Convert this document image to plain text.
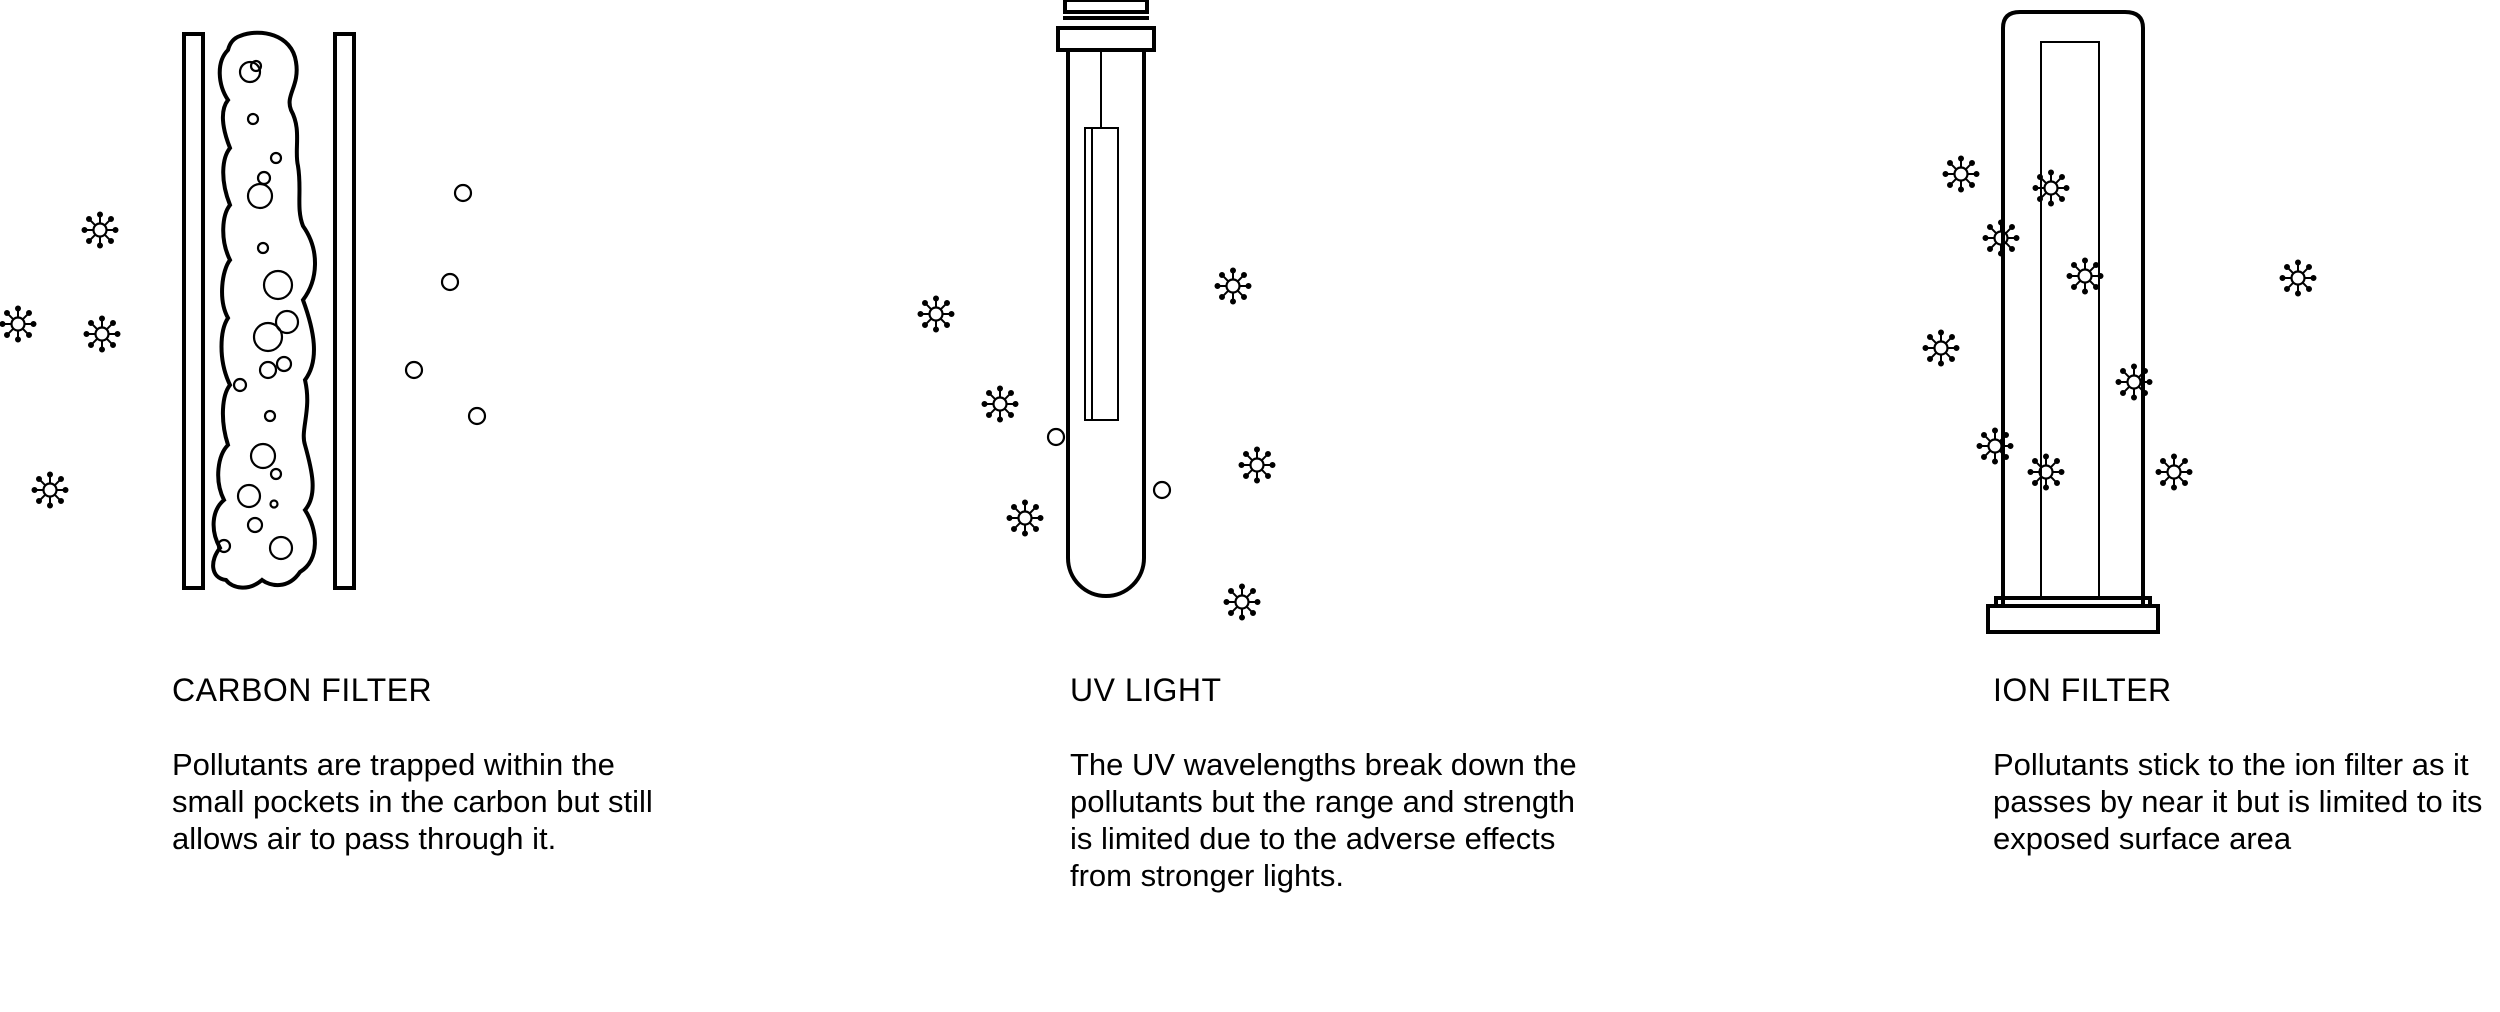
CARBON FILTER
Pollutants are trapped within the
small pockets in the carbon but still
allows air to pass through it.
UV LIGHT
The UV wavelengths break down the
pollutants but the range and strength
is limited due to the adverse effects
from stronger lights.
ION FILTER
Pollutants stick to the ion filter as it
passes by near it but is limited to its
exposed surface area
